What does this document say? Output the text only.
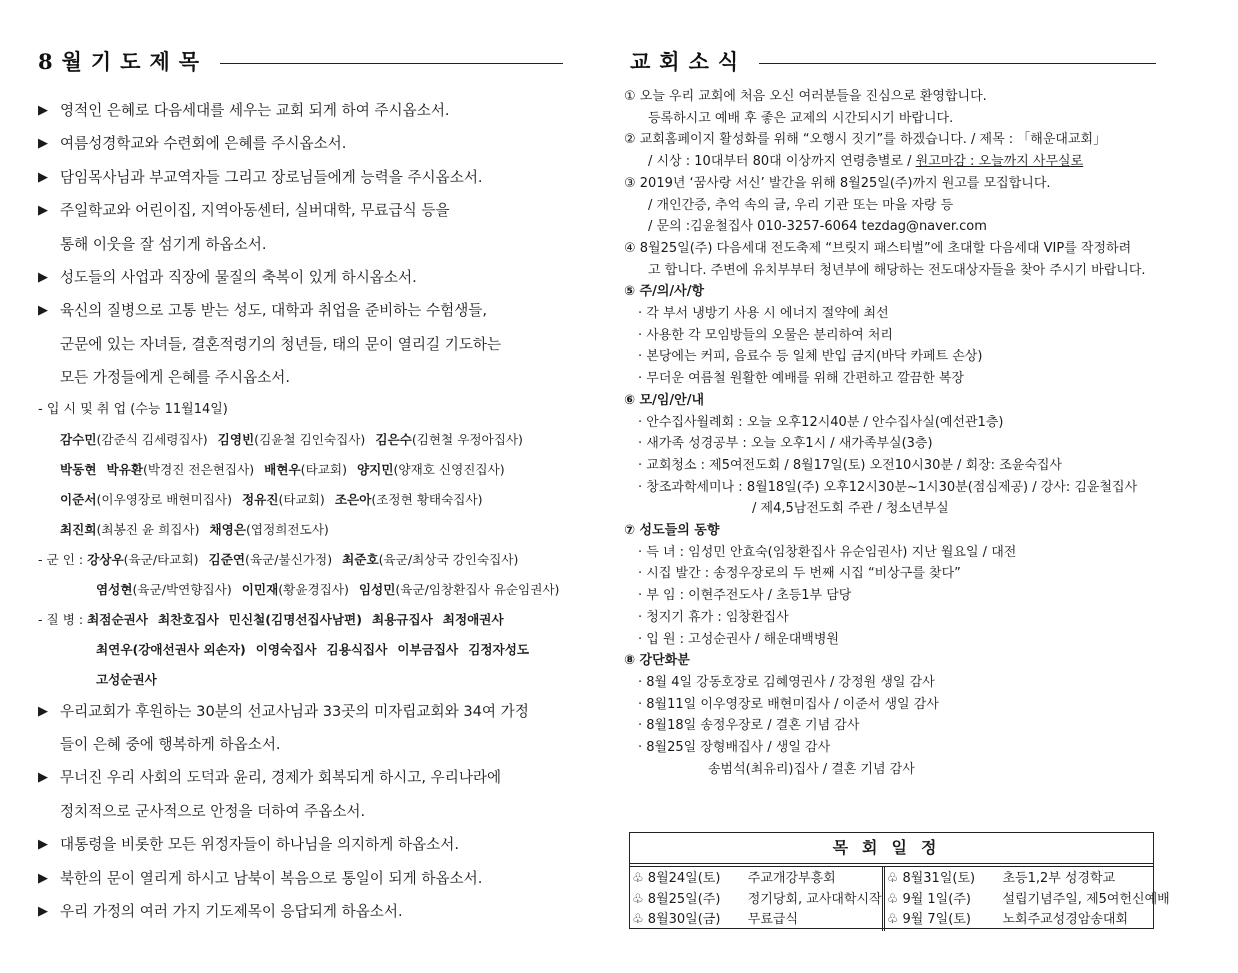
8월기도제목
▶ 영적인 은혜로 다음세대를 세우는 교회 되게 하여 주시옵소서.
▶ 여름성경학교와 수련회에 은혜를 주시옵소서.
▶ 담임목사님과 부교역자들 그리고 장로님들에게 능력을 주시옵소서.
▶ 주일학교와 어린이집, 지역아동센터, 실버대학, 무료급식 등을
통해 이웃을 잘 섬기게 하옵소서.
▶ 성도들의 사업과 직장에 물질의 축복이 있게 하시옵소서.
▶ 육신의 질병으로 고통 받는 성도, 대학과 취업을 준비하는 수험생들,
군문에 있는 자녀들, 결혼적령기의 청년들, 태의 문이 열리길 기도하는
모든 가정들에게 은혜를 주시옵소서.
- 입 시 및 취 업 (수능 11월14일)
감수민(감준식 김세령집사) 김영빈(김윤철 김인숙집사) 김은수(김현철 우정아집사)
박동현 박유환(박경진 전은현집사) 배현우(타교회) 양지민(양재호 신영진집사)
이준서(이우영장로 배현미집사) 정유진(타교회) 조은아(조정현 황태숙집사)
최진희(최봉진 윤 희집사) 채영은(엽정희전도사)
- 군 인 : 강상우(육군/타교회) 김준연(육군/불신가정) 최준호(육군/최상국 강인숙집사)
염성현(육군/박연향집사) 이민재(황윤경집사) 임성민(육군/임창환집사 유순임권사)
- 질 병 : 최점순권사 최찬호집사 민신철(김명선집사남편) 최용규집사 최정애권사
최연우(강애선권사 외손자) 이영숙집사 김용식집사 이부금집사 김정자성도
고성순권사
▶ 우리교회가 후원하는 30분의 선교사님과 33곳의 미자립교회와 34여 가정
들이 은혜 중에 행복하게 하옵소서.
▶ 무너진 우리 사회의 도덕과 윤리, 경제가 회복되게 하시고, 우리나라에
정치적으로 군사적으로 안정을 더하여 주옵소서.
▶ 대통령을 비롯한 모든 위정자들이 하나님을 의지하게 하옵소서.
▶ 북한의 문이 열리게 하시고 남북이 복음으로 통일이 되게 하옵소서.
▶ 우리 가정의 여러 가지 기도제목이 응답되게 하옵소서.
교회소식
① 오늘 우리 교회에 처음 오신 여러분들을 진심으로 환영합니다.
등록하시고 예배 후 좋은 교제의 시간되시기 바랍니다.
② 교회홈페이지 활성화를 위해 “오행시 짓기”를 하겠습니다. / 제목 : 「해운대교회」
/ 시상 : 10대부터 80대 이상까지 연령층별로 / 원고마감 : 오늘까지 사무실로
③ 2019년 ‘꿈사랑 서신’ 발간을 위해 8월25일(주)까지 원고를 모집합니다.
/ 개인간증, 추억 속의 글, 우리 기관 또는 마을 자랑 등
/ 문의 :김윤철집사 010-3257-6064 tezdag@naver.com
④ 8월25일(주) 다음세대 전도축제 “브릿지 패스티벌”에 초대할 다음세대 VIP를 작정하려
고 합니다. 주변에 유치부부터 청년부에 해당하는 전도대상자들을 찾아 주시기 바랍니다.
⑤ 주/의/사/항
· 각 부서 냉방기 사용 시 에너지 절약에 최선
· 사용한 각 모임방들의 오물은 분리하여 처리
· 본당에는 커피, 음료수 등 일체 반입 금지(바닥 카페트 손상)
· 무더운 여름철 원활한 예배를 위해 간편하고 깔끔한 복장
⑥ 모/임/안/내
· 안수집사월례회 : 오늘 오후12시40분 / 안수집사실(예선관1층)
· 새가족 성경공부 : 오늘 오후1시 / 새가족부실(3층)
· 교회청소 : 제5여전도회 / 8월17일(토) 오전10시30분 / 회장: 조윤숙집사
· 창조과학세미나 : 8월18일(주) 오후12시30분~1시30분(점심제공) / 강사: 김윤철집사
/ 제4,5남전도회 주관 / 청소년부실
⑦ 성도들의 동향
· 득 녀 : 임성민 안효숙(임창환집사 유순임권사) 지난 월요일 / 대전
· 시집 발간 : 송정우장로의 두 번째 시집 “비상구를 찾다”
· 부 임 : 이현주전도사 / 초등1부 담당
· 청지기 휴가 : 임창환집사
· 입 원 : 고성순권사 / 해운대백병원
⑧ 강단화분
· 8월 4일 강동호장로 김혜영권사 / 강정원 생일 감사
· 8월11일 이우영장로 배현미집사 / 이준서 생일 감사
· 8월18일 송정우장로 / 결혼 기념 감사
· 8월25일 장형배집사 / 생일 감사
송범석(최유리)집사 / 결혼 기념 감사
목회일정
♧ 8월24일(토) 주교개강부흥회
♧ 8월25일(주) 정기당회, 교사대학시작
♧ 8월30일(금) 무료급식
♧ 8월31일(토) 초등1,2부 성경학교
♧ 9월 1일(주) 설립기념주일, 제5여헌신예배
♧ 9월 7일(토) 노회주교성경암송대회
